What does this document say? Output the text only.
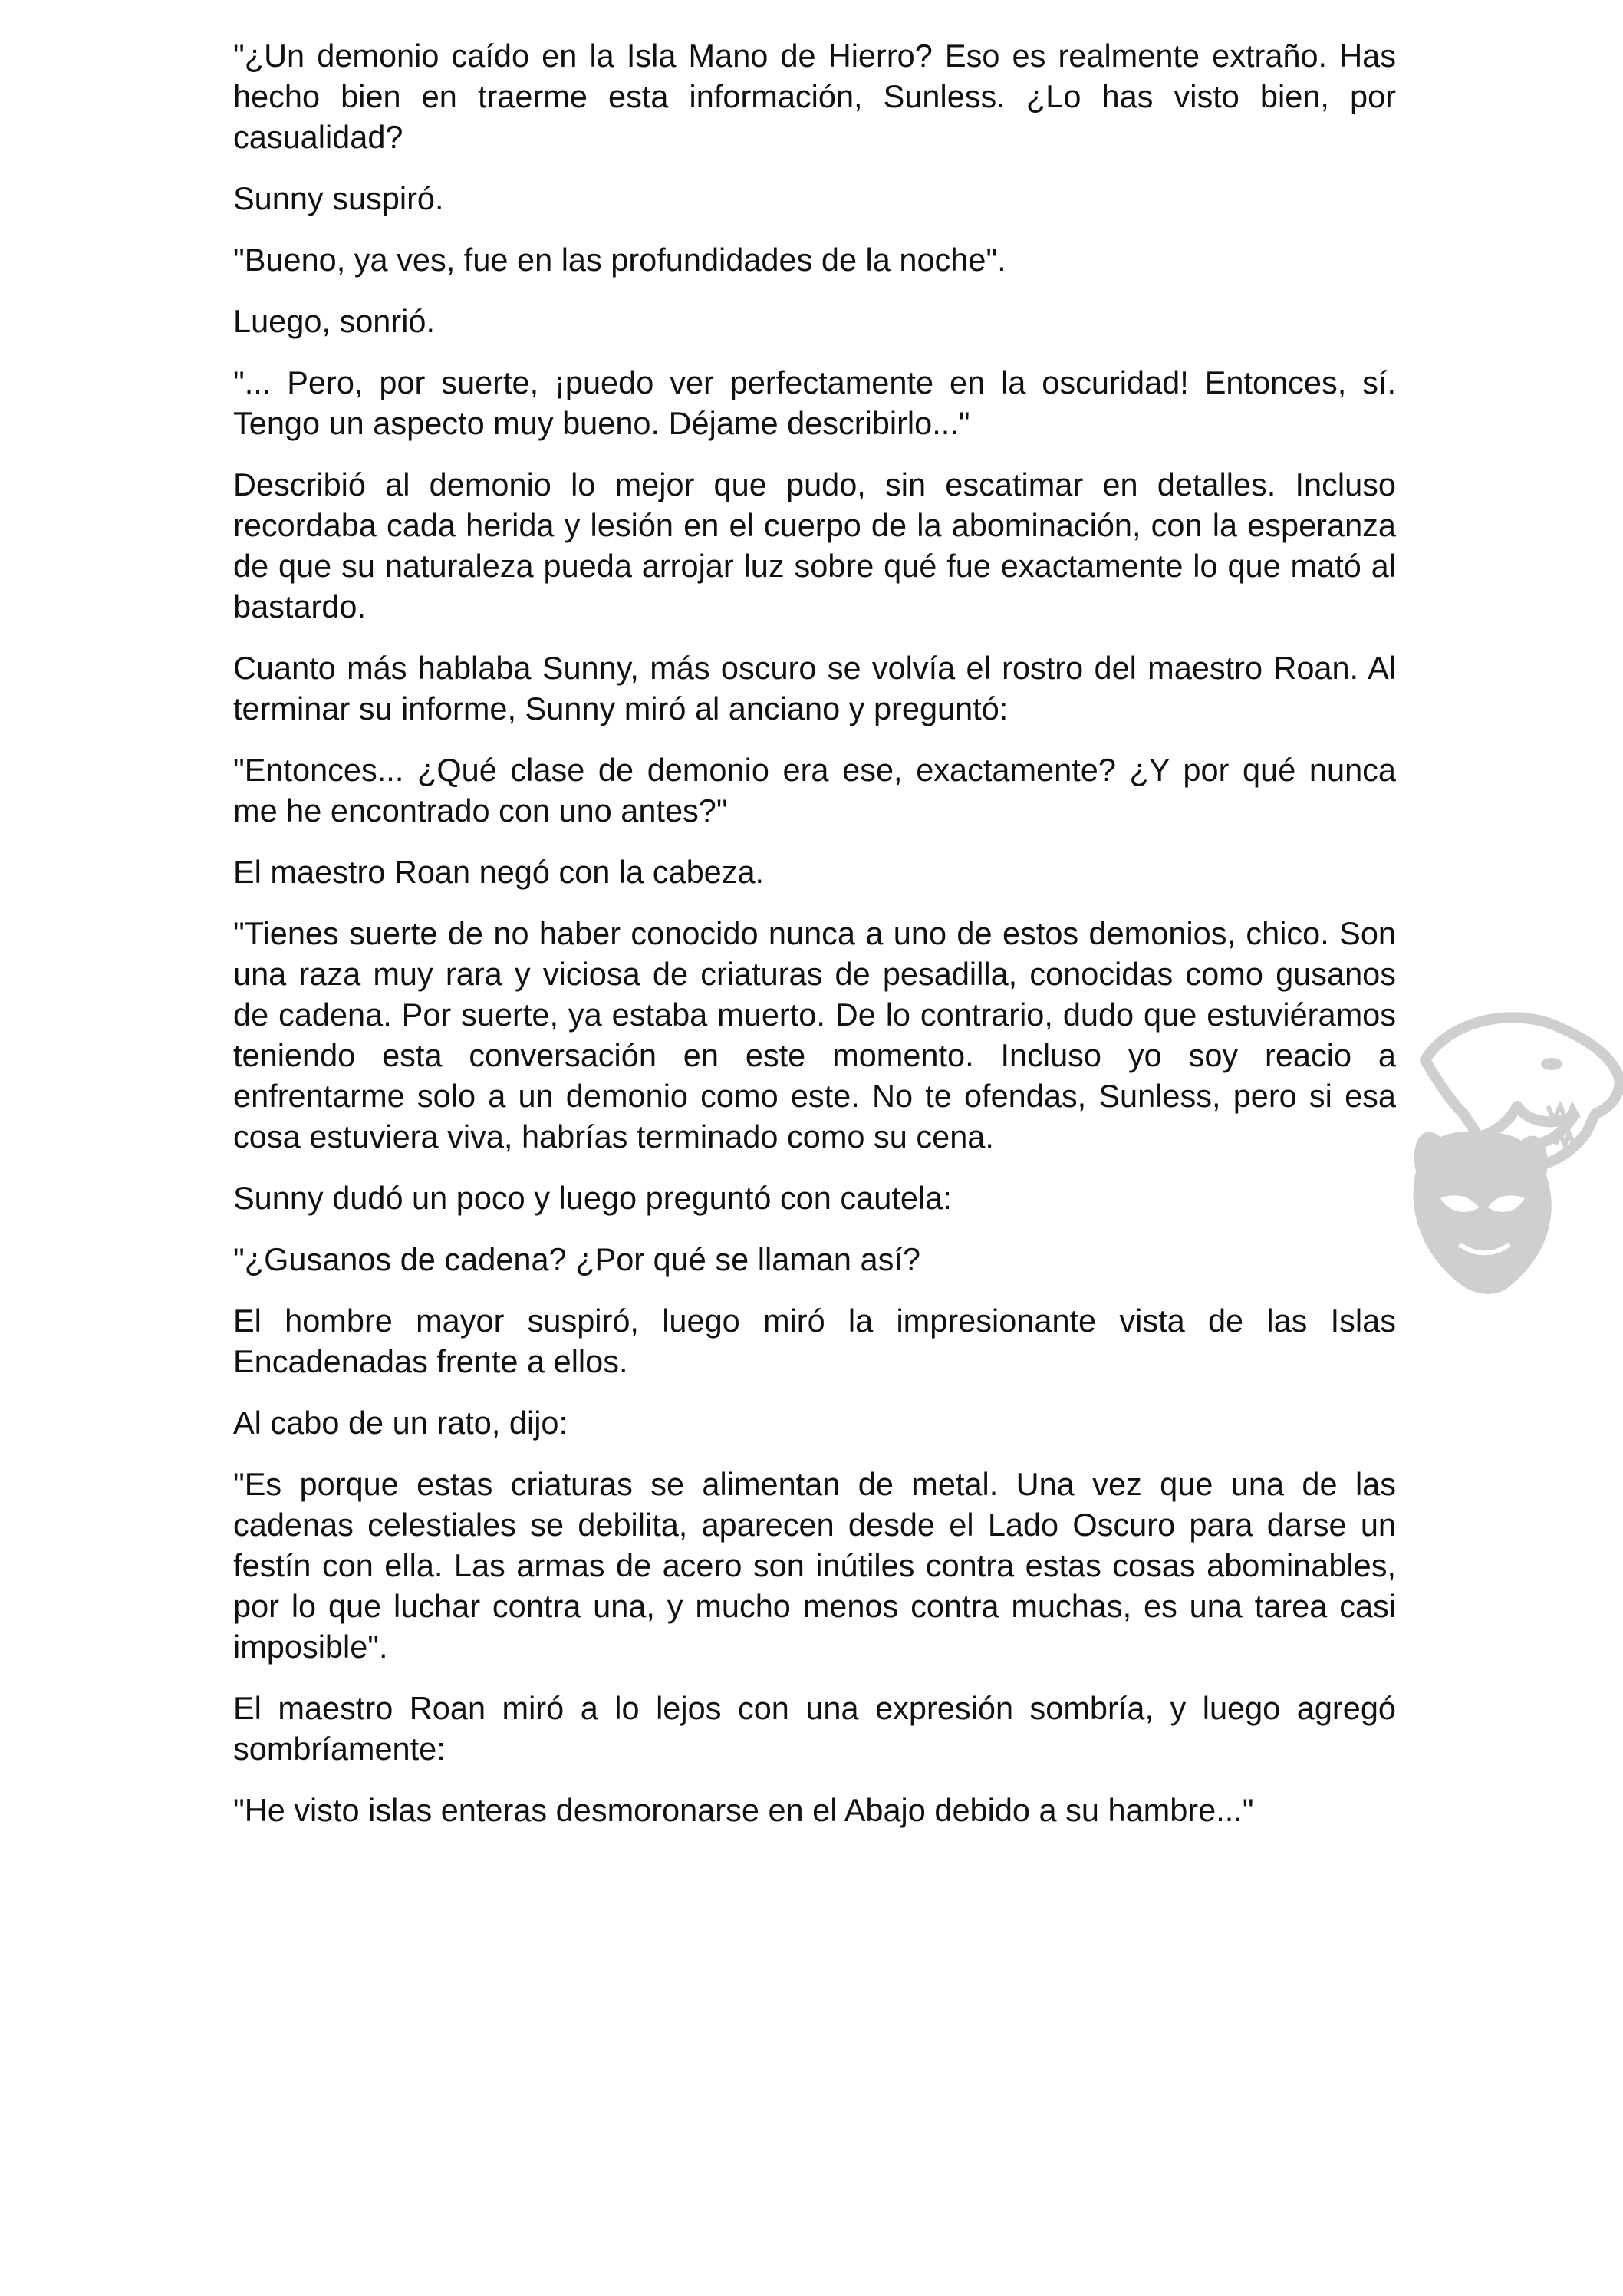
"¿Un demonio caído en la Isla Mano de Hierro? Eso es realmente extraño. Has hecho bien en traerme esta información, Sunless. ¿Lo has visto bien, por casualidad?

Sunny suspiró.

"Bueno, ya ves, fue en las profundidades de la noche".

Luego, sonrió.

"... Pero, por suerte, ¡puedo ver perfectamente en la oscuridad! Entonces, sí. Tengo un aspecto muy bueno. Déjame describirlo..."

Describió al demonio lo mejor que pudo, sin escatimar en detalles. Incluso recordaba cada herida y lesión en el cuerpo de la abominación, con la esperanza de que su naturaleza pueda arrojar luz sobre qué fue exactamente lo que mató al bastardo.

Cuanto más hablaba Sunny, más oscuro se volvía el rostro del maestro Roan. Al terminar su informe, Sunny miró al anciano y preguntó:

"Entonces... ¿Qué clase de demonio era ese, exactamente? ¿Y por qué nunca me he encontrado con uno antes?"

El maestro Roan negó con la cabeza.

"Tienes suerte de no haber conocido nunca a uno de estos demonios, chico. Son una raza muy rara y viciosa de criaturas de pesadilla, conocidas como gusanos de cadena. Por suerte, ya estaba muerto. De lo contrario, dudo que estuviéramos teniendo esta conversación en este momento. Incluso yo soy reacio a enfrentarme solo a un demonio como este. No te ofendas, Sunless, pero si esa cosa estuviera viva, habrías terminado como su cena.

Sunny dudó un poco y luego preguntó con cautela:

"¿Gusanos de cadena? ¿Por qué se llaman así?

El hombre mayor suspiró, luego miró la impresionante vista de las Islas Encadenadas frente a ellos.

Al cabo de un rato, dijo:

"Es porque estas criaturas se alimentan de metal. Una vez que una de las cadenas celestiales se debilita, aparecen desde el Lado Oscuro para darse un festín con ella. Las armas de acero son inútiles contra estas cosas abominables, por lo que luchar contra una, y mucho menos contra muchas, es una tarea casi imposible".

El maestro Roan miró a lo lejos con una expresión sombría, y luego agregó sombríamente:

"He visto islas enteras desmoronarse en el Abajo debido a su hambre..."
